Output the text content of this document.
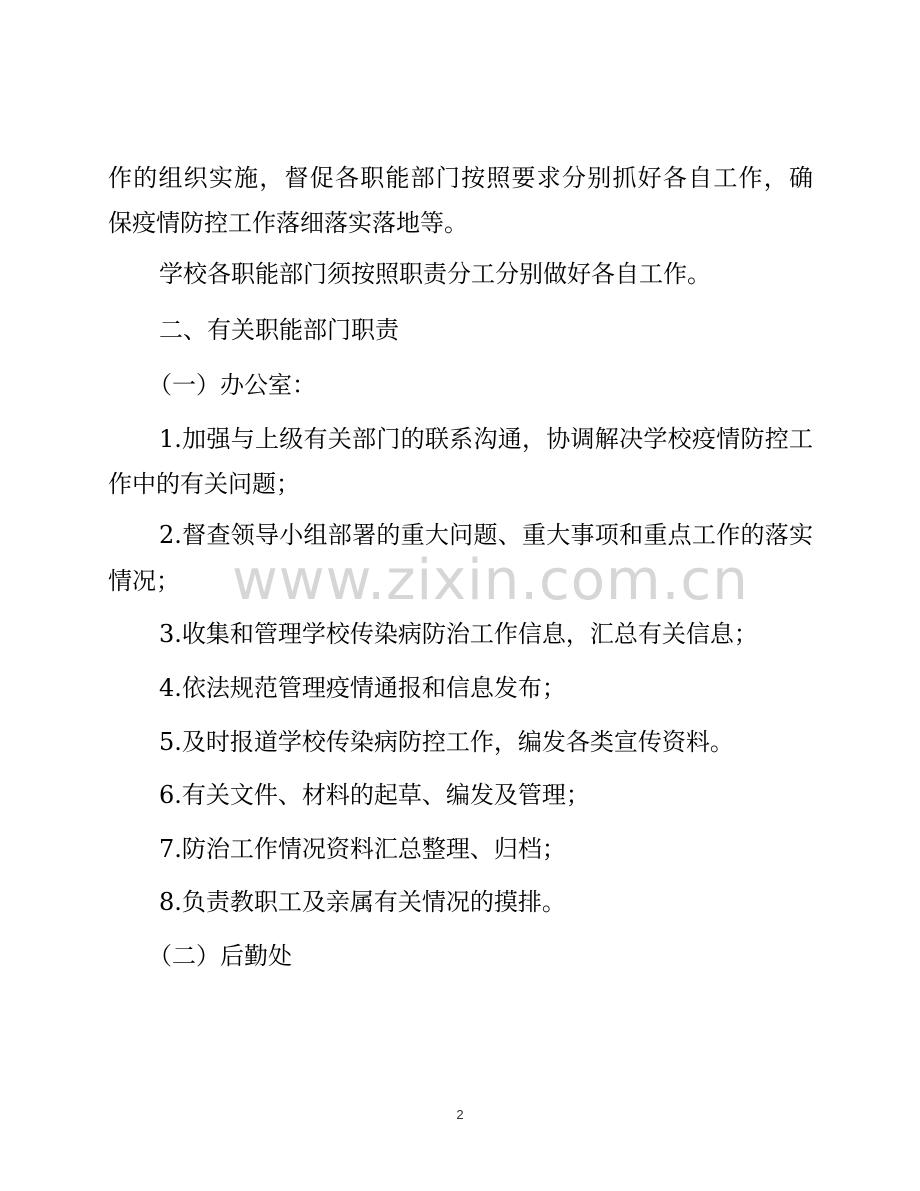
作的组织实施，督促各职能部门按照要求分别抓好各自工作，确
保疫情防控工作落细落实落地等。
学校各职能部门须按照职责分工分别做好各自工作。
二、有关职能部门职责
（一）办公室：
1.加强与上级有关部门的联系沟通，协调解决学校疫情防控工
作中的有关问题；
2.督查领导小组部署的重大问题、重大事项和重点工作的落实
情况；
3.收集和管理学校传染病防治工作信息，汇总有关信息；
4.依法规范管理疫情通报和信息发布；
5.及时报道学校传染病防控工作，编发各类宣传资料。
6.有关文件、材料的起草、编发及管理；
7.防治工作情况资料汇总整理、归档；
8.负责教职工及亲属有关情况的摸排。
（二）后勤处
www.zixin.com.cn
2
